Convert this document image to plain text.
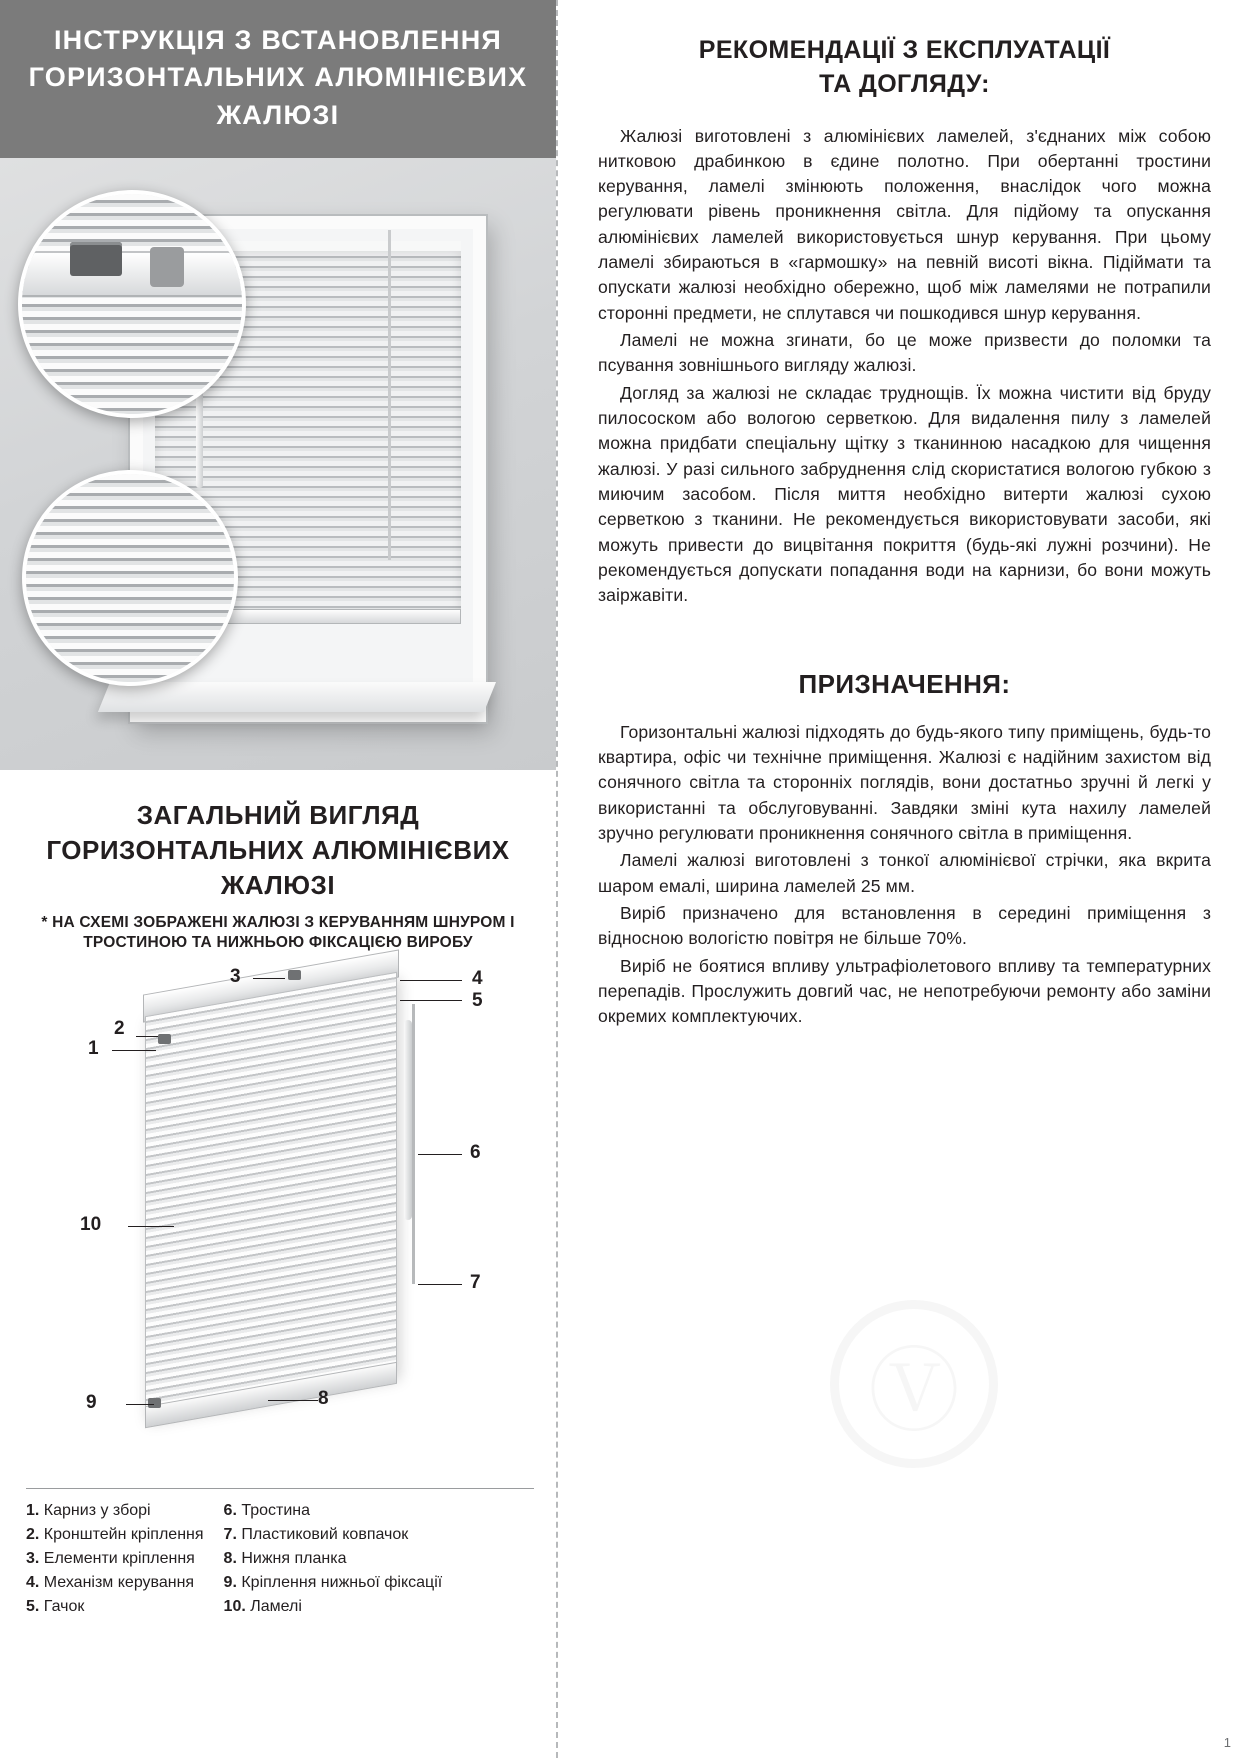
Ⓥ
ІНСТРУКЦІЯ З ВСТАНОВЛЕННЯ
ГОРИЗОНТАЛЬНИХ АЛЮМІНІЄВИХ
ЖАЛЮЗІ
ЗАГАЛЬНИЙ ВИГЛЯД
ГОРИЗОНТАЛЬНИХ АЛЮМІНІЄВИХ
ЖАЛЮЗІ
* НА СХЕМІ ЗОБРАЖЕНІ ЖАЛЮЗІ З КЕРУВАННЯМ ШНУРОМ І
ТРОСТИНОЮ ТА НИЖНЬОЮ ФІКСАЦІЄЮ ВИРОБУ
3	4
5
1
2
6
7
10
9	8
1. Карниз у зборі
2. Кронштейн кріплення
3. Елементи кріплення
4. Механізм керування
5. Гачок
6. Тростина
7. Пластиковий ковпачок
8. Нижня планка
9. Кріплення нижньої фіксації
10. Ламелі
РЕКОМЕНДАЦІЇ З ЕКСПЛУАТАЦІЇ
ТА ДОГЛЯДУ:

Жалюзі виготовлені з алюмінієвих ламелей, з'єднаних між собою нитковою драбинкою в єдине полотно. При обертанні тростини керування, ламелі змінюють положення, внаслідок чого можна регулювати рівень проникнення світла. Для підйому та опускання алюмінієвих ламелей використовується шнур керування. При цьому ламелі збираються в «гармошку» на певній висоті вікна. Підіймати та опускати жалюзі необхідно обережно, щоб між ламелями не потрапили сторонні предмети, не сплутався чи пошкодився шнур керування.

Ламелі не можна згинати, бо це може призвести до поломки та псування зовнішнього вигляду жалюзі.

Догляд за жалюзі не складає труднощів. Їх можна чистити від бруду пилососком або вологою серветкою. Для видалення пилу з ламелей можна придбати спеціальну щітку з тканинною насадкою для чищення жалюзі. У разі сильного забруднення слід скористатися вологою губкою з миючим засобом. Після миття необхідно витерти жалюзі сухою серветкою з тканини. Не рекомендується використовувати засоби, які можуть привести до вицвітання покриття (будь-які лужні розчини). Не рекомендується допускати попадання води на карнизи, бо вони можуть заіржавіти.

ПРИЗНАЧЕННЯ:

Горизонтальні жалюзі підходять до будь-якого типу приміщень, будь-то квартира, офіс чи технічне приміщення. Жалюзі є надійним захистом від сонячного світла та сторонніх поглядів, вони достатньо зручні й легкі у використанні та обслуговуванні. Завдяки зміні кута нахилу ламелей зручно регулювати проникнення сонячного світла в приміщення.

Ламелі жалюзі виготовлені з тонкої алюмінієвої стрічки, яка вкрита шаром емалі, ширина ламелей 25 мм.

Виріб призначено для встановлення в середині приміщення з відносною вологістю повітря не більше 70%.

Виріб не боятися впливу ультрафіолетового впливу та температурних перепадів. Прослужить довгий час, не непотребуючи ремонту або заміни окремих комплектуючих.

1
